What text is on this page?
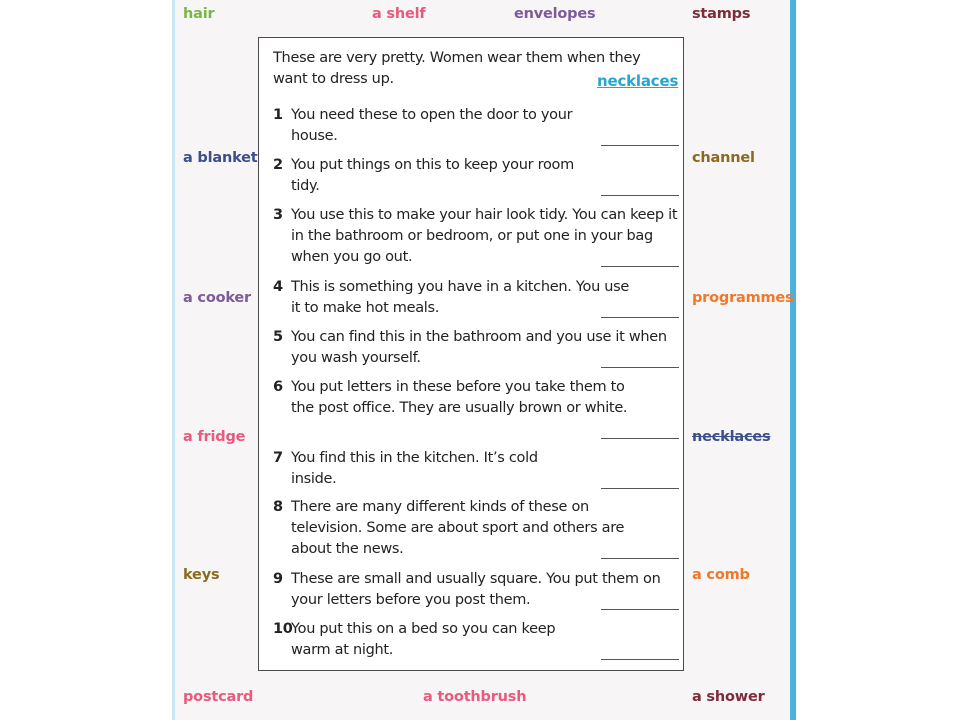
hair	a shelf	envelopes	stamps
a blanket	channel
a cooker	programmes
a fridge	necklaces
keys	a comb
postcard	a toothbrush	a shower
These are very pretty. Women wear them when they want to dress up.	necklaces
1 You need these to open the door to your house.
2 You put things on this to keep your room tidy.
3 You use this to make your hair look tidy. You can keep it in the bathroom or bedroom, or put one in your bag when you go out.
4 This is something you have in a kitchen. You use it to make hot meals.
5 You can find this in the bathroom and you use it when you wash yourself.
6 You put letters in these before you take them to the post office. They are usually brown or white.
7 You find this in the kitchen. It’s cold inside.
8 There are many different kinds of these on television. Some are about sport and others are about the news.
9 These are small and usually square. You put them on your letters before you post them.
10
You put this on a bed so you can keep warm at night.
